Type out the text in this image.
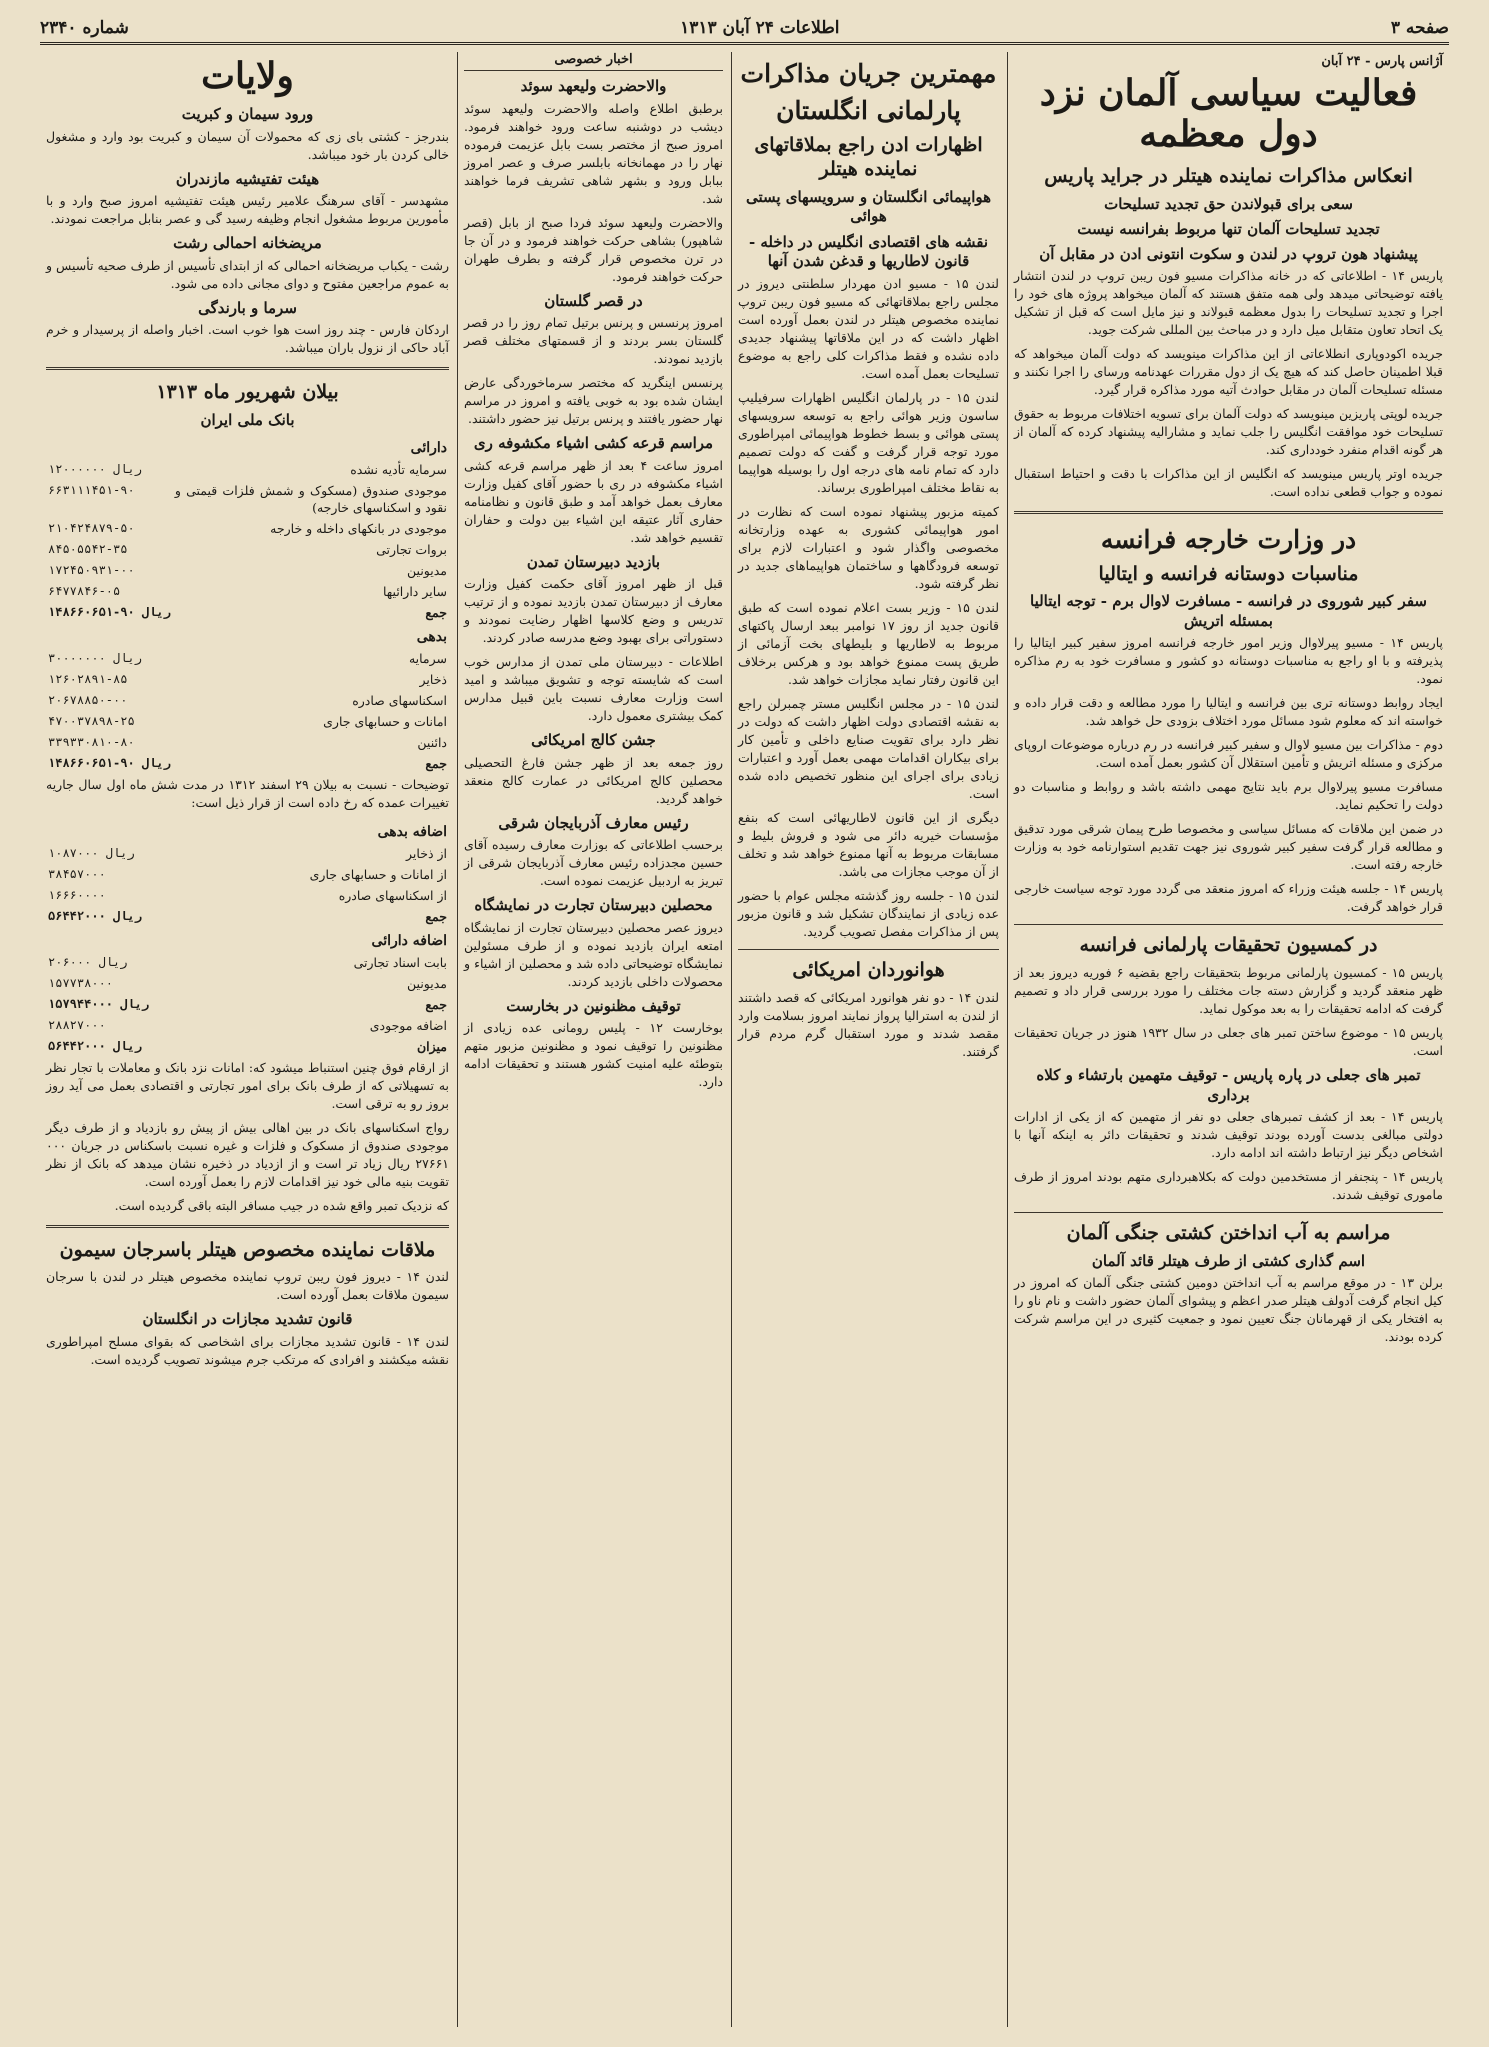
صفحه ۳
اطلاعات ۲۴ آبان ۱۳۱۳
شماره ۲۳۴۰
آژانس پارس - ۲۴ آبان
فعالیت سیاسی آلمان نزد دول معظمه
انعکاس مذاکرات نماینده هیتلر در جراید پاریس
سعی برای قبولاندن حق تجدید تسلیحات
تجدید تسلیحات آلمان تنها مربوط بفرانسه نیست
پیشنهاد هون تروپ در لندن و سکوت انتونی ادن در مقابل آن

پاریس ۱۴ - اطلاعاتی که در خانه مذاکرات مسیو فون ریبن تروپ در لندن انتشار یافته توضیحاتی میدهد ولی همه متفق هستند که آلمان میخواهد پروژه های خود را اجرا و تجدید تسلیحات را بدول معظمه قبولاند و نیز مایل است که قبل از تشکیل یک اتحاد تعاون متقابل میل دارد و در مباحث بین المللی شرکت جوید.

جریده اکودوپاری انطلاعاتی از این مذاکرات مینویسد که دولت آلمان میخواهد که قبلا اطمینان حاصل کند که هیچ یک از دول مقررات عهدنامه ورسای را اجرا نکنند و مسئله تسلیحات آلمان در مقابل حوادث آتیه مورد مذاکره قرار گیرد.

جریده لوپتی پاریزین مینویسد که دولت آلمان برای تسویه اختلافات مربوط به حقوق تسلیحات خود موافقت انگلیس را جلب نماید و مشارالیه پیشنهاد کرده که آلمان از هر گونه اقدام منفرد خودداری کند.

جریده اوتر پاریس مینویسد که انگلیس از این مذاکرات با دقت و احتیاط استقبال نموده و جواب قطعی نداده است.

در وزارت خارجه فرانسه
مناسبات دوستانه فرانسه و ایتالیا
سفر کبیر شوروی در فرانسه - مسافرت لاوال برم - توجه ایتالیا بمسئله اتریش

پاریس ۱۴ - مسیو پیرلاوال وزیر امور خارجه فرانسه امروز سفیر کبیر ایتالیا را پذیرفته و با او راجع به مناسبات دوستانه دو کشور و مسافرت خود به رم مذاکره نمود.

ایجاد روابط دوستانه تری بین فرانسه و ایتالیا را مورد مطالعه و دقت قرار داده و خواسته اند که معلوم شود مسائل مورد اختلاف بزودی حل خواهد شد.

دوم - مذاکرات بین مسیو لاوال و سفیر کبیر فرانسه در رم درباره موضوعات اروپای مرکزی و مسئله اتریش و تأمین استقلال آن کشور بعمل آمده است.

مسافرت مسیو پیرلاوال برم باید نتایج مهمی داشته باشد و روابط و مناسبات دو دولت را تحکیم نماید.

در ضمن این ملاقات که مسائل سیاسی و مخصوصا طرح پیمان شرقی مورد تدقیق و مطالعه قرار گرفت سفیر کبیر شوروی نیز جهت تقدیم استوارنامه خود به وزارت خارجه رفته است.

پاریس ۱۴ - جلسه هیئت وزراء که امروز منعقد می گردد مورد توجه سیاست خارجی قرار خواهد گرفت.

در کمسیون تحقیقات پارلمانی فرانسه

پاریس ۱۵ - کمسیون پارلمانی مربوط بتحقیقات راجع بقضیه ۶ فوریه دیروز بعد از ظهر منعقد گردید و گزارش دسته جات مختلف را مورد بررسی قرار داد و تصمیم گرفت که ادامه تحقیقات را به بعد موکول نماید.

پاریس ۱۵ - موضوع ساختن تمبر های جعلی در سال ۱۹۳۲ هنوز در جریان تحقیقات است.

تمبر های جعلی در پاره پاریس - توقیف متهمین بارتشاء و کلاه برداری

پاریس ۱۴ - بعد از کشف تمبرهای جعلی دو نفر از متهمین که از یکی از ادارات دولتی مبالغی بدست آورده بودند توقیف شدند و تحقیقات دائر به اینکه آنها با اشخاص دیگر نیز ارتباط داشته اند ادامه دارد.

پاریس ۱۴ - پنجنفر از مستخدمین دولت که بکلاهبرداری متهم بودند امروز از طرف ماموری توقیف شدند.

مراسم به آب انداختن کشتی جنگی آلمان
اسم گذاری کشتی از طرف هیتلر قائد آلمان

برلن ۱۳ - در موقع مراسم به آب انداختن دومین کشتی جنگی آلمان که امروز در کیل انجام گرفت آدولف هیتلر صدر اعظم و پیشوای آلمان حضور داشت و نام ناو را به افتخار یکی از قهرمانان جنگ تعیین نمود و جمعیت کثیری در این مراسم شرکت کرده بودند.

مهمترین جریان مذاکرات
پارلمانی انگلستان
اظهارات ادن راجع بملاقاتهای نماینده هیتلر
هواپیمائی انگلستان و سرویسهای پستی هوائی
نقشه های اقتصادی انگلیس در داخله - قانون لاطاریها و قدغن شدن آنها

لندن ۱۵ - مسیو ادن مهردار سلطنتی دیروز در مجلس راجع بملاقاتهائی که مسیو فون ریبن تروپ نماینده مخصوص هیتلر در لندن بعمل آورده است اظهار داشت که در این ملاقاتها پیشنهاد جدیدی داده نشده و فقط مذاکرات کلی راجع به موضوع تسلیحات بعمل آمده است.

لندن ۱۵ - در پارلمان انگلیس اظهارات سرفیلیپ ساسون وزیر هوائی راجع به توسعه سرویسهای پستی هوائی و بسط خطوط هواپیمائی امپراطوری مورد توجه قرار گرفت و گفت که دولت تصمیم دارد که تمام نامه های درجه اول را بوسیله هواپیما به نقاط مختلف امپراطوری برساند.

کمیته مزبور پیشنهاد نموده است که نظارت در امور هواپیمائی کشوری به عهده وزارتخانه مخصوصی واگذار شود و اعتبارات لازم برای توسعه فرودگاهها و ساختمان هواپیماهای جدید در نظر گرفته شود.

لندن ۱۵ - وزیر بست اعلام نموده است که طبق قانون جدید از روز ۱۷ نوامبر ببعد ارسال پاکتهای مربوط به لاطاریها و بلیطهای بخت آزمائی از طریق پست ممنوع خواهد بود و هرکس برخلاف این قانون رفتار نماید مجازات خواهد شد.

لندن ۱۵ - در مجلس انگلیس مستر چمبرلن راجع به نقشه اقتصادی دولت اظهار داشت که دولت در نظر دارد برای تقویت صنایع داخلی و تأمین کار برای بیکاران اقدامات مهمی بعمل آورد و اعتبارات زیادی برای اجرای این منظور تخصیص داده شده است.

دیگری از این قانون لاطاریهائی است که بنفع مؤسسات خیریه دائر می شود و فروش بلیط و مسابقات مربوط به آنها ممنوع خواهد شد و تخلف از آن موجب مجازات می باشد.

لندن ۱۵ - جلسه روز گذشته مجلس عوام با حضور عده زیادی از نمایندگان تشکیل شد و قانون مزبور پس از مذاکرات مفصل تصویب گردید.

هوانوردان امریکائی

لندن ۱۴ - دو نفر هوانورد امریکائی که قصد داشتند از لندن به استرالیا پرواز نمایند امروز بسلامت وارد مقصد شدند و مورد استقبال گرم مردم قرار گرفتند.

اخبار خصوصی
والاحضرت ولیعهد سوئد

برطبق اطلاع واصله والاحضرت ولیعهد سوئد دیشب در دوشنبه ساعت ورود خواهند فرمود. امروز صبح از مختصر بست بابل عزیمت فرموده نهار را در مهمانخانه بابلسر صرف و عصر امروز ببابل ورود و بشهر شاهی تشریف فرما خواهند شد.

والاحضرت ولیعهد سوئد فردا صبح از بابل (قصر شاهپور) بشاهی حرکت خواهند فرمود و در آن جا در ترن مخصوص قرار گرفته و بطرف طهران حرکت خواهند فرمود.

در قصر گلستان

امروز پرنسس و پرنس برتیل تمام روز را در قصر گلستان بسر بردند و از قسمتهای مختلف قصر بازدید نمودند.

پرنسس اینگرید که مختصر سرماخوردگی عارض ایشان شده بود به خوبی یافته و امروز در مراسم نهار حضور یافتند و پرنس برتیل نیز حضور داشتند.

مراسم قرعه کشی اشیاء مکشوفه ری

امروز ساعت ۴ بعد از ظهر مراسم قرعه کشی اشیاء مکشوفه در ری با حضور آقای کفیل وزارت معارف بعمل خواهد آمد و طبق قانون و نظامنامه حفاری آثار عتیقه این اشیاء بین دولت و حفاران تقسیم خواهد شد.

بازدید دبیرستان تمدن

قبل از ظهر امروز آقای حکمت کفیل وزارت معارف از دبیرستان تمدن بازدید نموده و از ترتیب تدریس و وضع کلاسها اظهار رضایت نمودند و دستوراتی برای بهبود وضع مدرسه صادر کردند.

اطلاعات - دبیرستان ملی تمدن از مدارس خوب است که شایسته توجه و تشویق میباشد و امید است وزارت معارف نسبت باین قبیل مدارس کمک بیشتری معمول دارد.

جشن کالج امریکائی

روز جمعه بعد از ظهر جشن فارغ التحصیلی محصلین کالج امریکائی در عمارت کالج منعقد خواهد گردید.

رئیس معارف آذربایجان شرقی

برحسب اطلاعاتی که بوزارت معارف رسیده آقای حسین مجدزاده رئیس معارف آذربایجان شرقی از تبریز به اردبیل عزیمت نموده است.

محصلین دبیرستان تجارت در نمایشگاه

دیروز عصر محصلین دبیرستان تجارت از نمایشگاه امتعه ایران بازدید نموده و از طرف مسئولین نمایشگاه توضیحاتی داده شد و محصلین از اشیاء و محصولات داخلی بازدید کردند.

توقیف مظنونین در بخارست

بوخارست ۱۲ - پلیس رومانی عده زیادی از مظنونین را توقیف نمود و مظنونین مزبور متهم بتوطئه علیه امنیت کشور هستند و تحقیقات ادامه دارد.

ولایات
ورود سیمان و کبریت

بندرجز - کشتی بای زی که محمولات آن سیمان و کبریت بود وارد و مشغول خالی کردن بار خود میباشد.

هیئت تفتیشیه مازندران

مشهدسر - آقای سرهنگ علامیر رئیس هیئت تفتیشیه امروز صبح وارد و با مأمورین مربوط مشغول انجام وظیفه رسید گی و عصر بنابل مراجعت نمودند.

مریضخانه احمالی رشت

رشت - یکباب مریضخانه احمالی که از ابتدای تأسیس از طرف صحیه تأسیس و به عموم مراجعین مفتوح و دوای مجانی داده می شود.

سرما و بارندگی

اردکان فارس - چند روز است هوا خوب است. اخبار واصله از پرسیدار و خرم آباد حاکی از نزول باران میباشد.

بیلان شهریور ماه ۱۳۱۳
بانک ملی ایران
دارائی	
سرمایه تأدیه نشده	۱۲۰۰۰۰۰۰ ریال
موجودی صندوق (مسکوک و شمش فلزات قیمتی و نقود و اسکناسهای خارجه)	۶۶۳۱۱۱۴۵۱-۹۰
موجودی در بانکهای داخله و خارجه	۲۱۰۴۲۴۸۷۹-۵۰
بروات تجارتی	۸۴۵۰۵۵۴۲-۳۵
مدیونین	۱۷۲۴۵۰۹۳۱-۰۰
سایر دارائیها	۶۴۷۷۸۴۶-۰۵
جمع	۱۴۸۶۶۰۶۵۱-۹۰ ریال
بدهی	
سرمایه	۳۰۰۰۰۰۰۰ ریال
ذخایر	۱۲۶۰۲۸۹۱-۸۵
اسکناسهای صادره	۲۰۶۷۸۸۵۰-۰۰
امانات و حسابهای جاری	۴۷۰۰۳۷۸۹۸-۲۵
دائنین	۳۳۹۳۳۰۸۱۰-۸۰
جمع	۱۴۸۶۶۰۶۵۱-۹۰ ریال

توضیحات - نسبت به بیلان ۲۹ اسفند ۱۳۱۲ در مدت شش ماه اول سال جاریه تغییرات عمده که رخ داده است از قرار ذیل است:

اضافه بدهی	
از ذخایر	۱۰۸۷۰۰۰ ریال
از امانات و حسابهای جاری	۳۸۴۵۷۰۰۰
از اسکناسهای صادره	۱۶۶۶۰۰۰۰
جمع	۵۶۴۴۲۰۰۰ ریال
اضافه دارائی	
بابت اسناد تجارتی	۲۰۶۰۰۰ ریال
مدیونین	۱۵۷۷۳۸۰۰۰
جمع	۱۵۷۹۴۴۰۰۰ ریال
اضافه موجودی	۲۸۸۲۷۰۰۰
میزان	۵۶۴۴۲۰۰۰ ریال

از ارقام فوق چنین استنباط میشود که: امانات نزد بانک و معاملات با تجار نظر به تسهیلاتی که از طرف بانک برای امور تجارتی و اقتصادی بعمل می آید روز بروز رو به ترقی است.

رواج اسکناسهای بانک در بین اهالی بیش از پیش رو بازدیاد و از طرف دیگر موجودی صندوق از مسکوک و فلزات و غیره نسبت باسکناس در جریان ۰۰۰ ۲۷۶۶۱ ریال زیاد تر است و از ازدیاد در ذخیره نشان میدهد که بانک از نظر تقویت بنیه مالی خود نیز اقدامات لازم را بعمل آورده است.

که نزدیک تمبر واقع شده در جیب مسافر البته باقی گردیده است.

ملاقات نماینده مخصوص هیتلر باسرجان سیمون

لندن ۱۴ - دیروز فون ریبن تروپ نماینده مخصوص هیتلر در لندن با سرجان سیمون ملاقات بعمل آورده است.

قانون تشدید مجازات در انگلستان

لندن ۱۴ - قانون تشدید مجازات برای اشخاصی که بقوای مسلح امپراطوری نقشه میکشند و افرادی که مرتکب جرم میشوند تصویب گردیده است.
